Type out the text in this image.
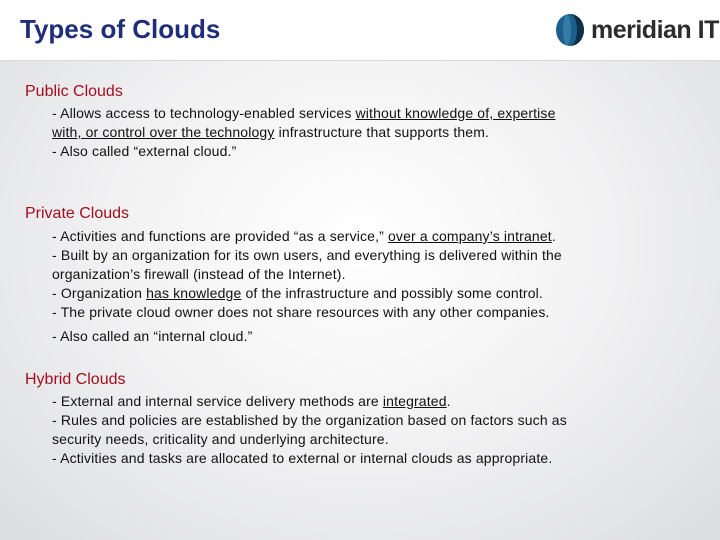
Types of Clouds	meridian IT
Public Clouds

- Allows access to technology-enabled services without knowledge of, expertise

with, or control over the technology infrastructure that supports them.

- Also called “external cloud.”

Private Clouds

- Activities and functions are provided “as a service,” over a company’s intranet.

- Built by an organization for its own users, and everything is delivered within the

organization’s firewall (instead of the Internet).

- Organization has knowledge of the infrastructure and possibly some control.

- The private cloud owner does not share resources with any other companies.

- Also called an “internal cloud.”

Hybrid Clouds

- External and internal service delivery methods are integrated.

- Rules and policies are established by the organization based on factors such as

security needs, criticality and underlying architecture.

- Activities and tasks are allocated to external or internal clouds as appropriate.
